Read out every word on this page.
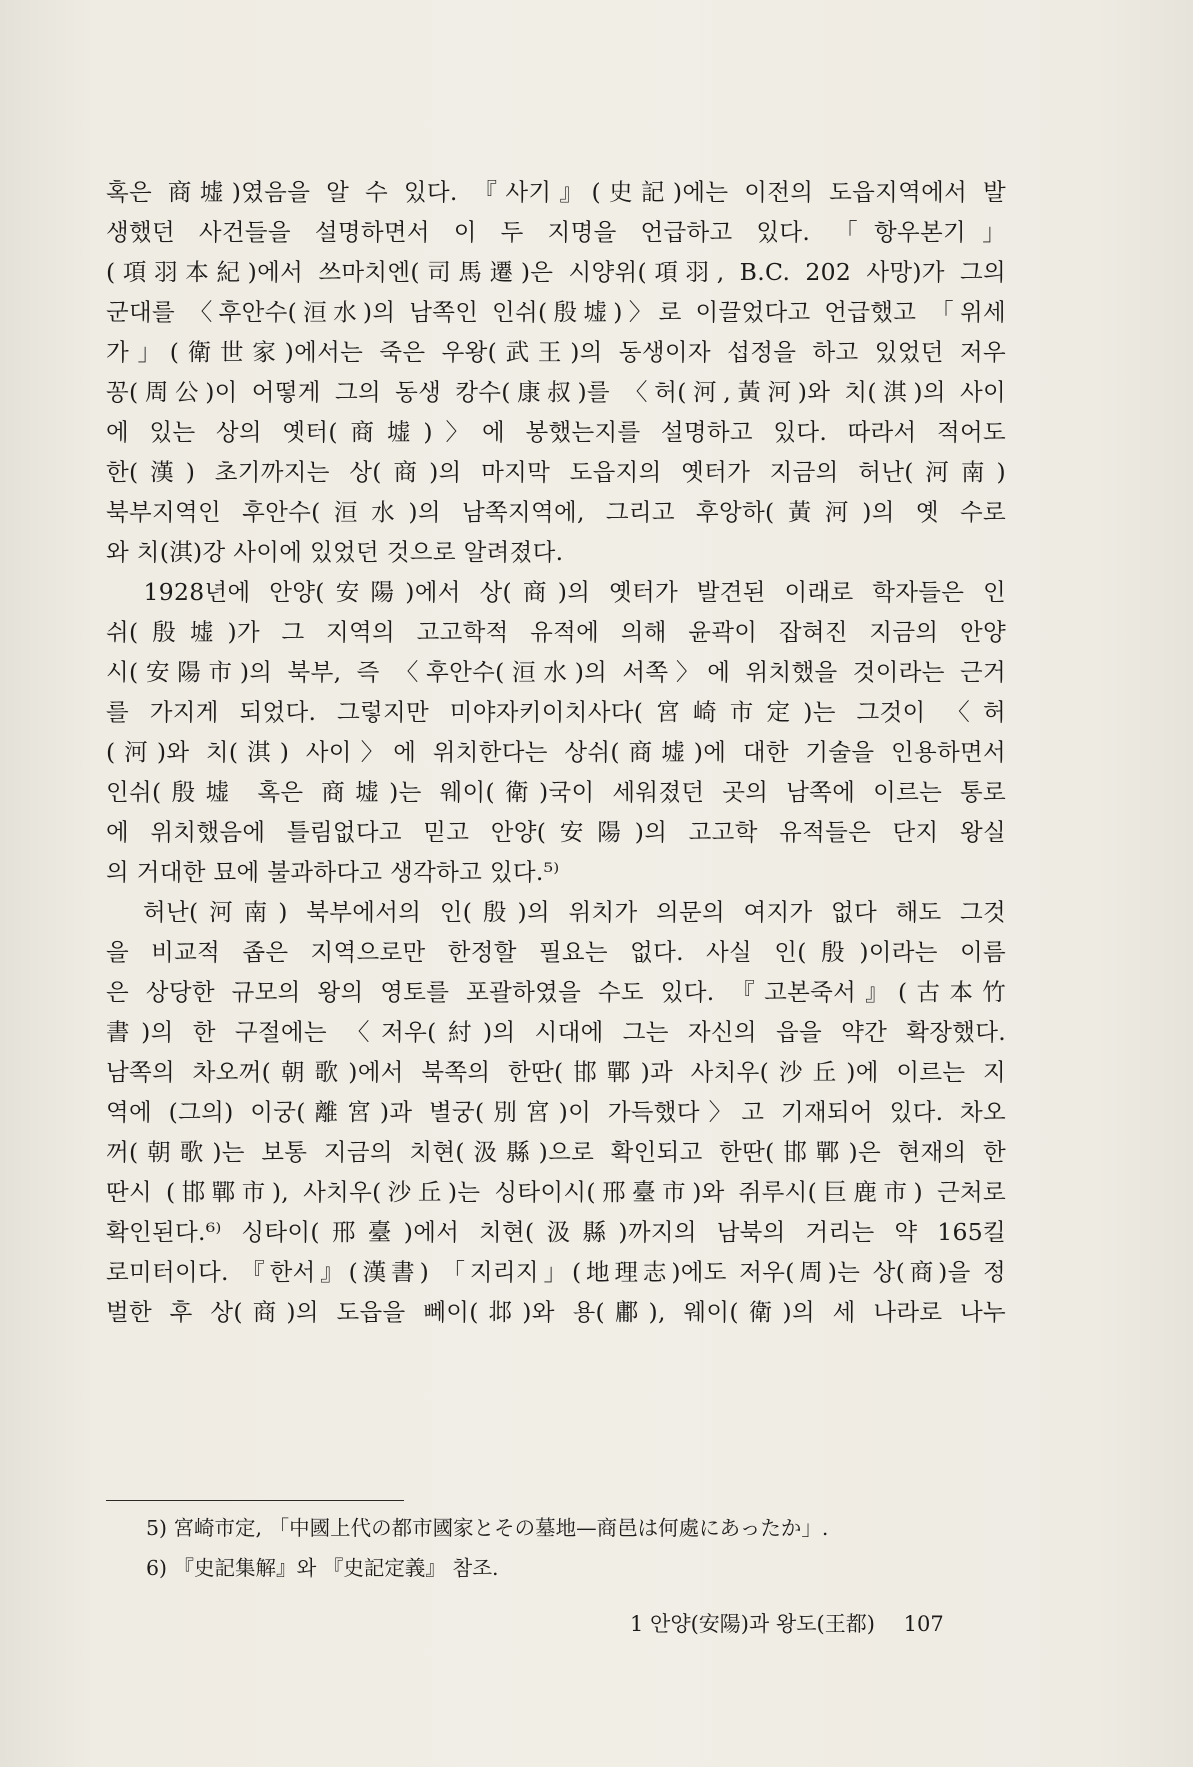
혹은 商墟)였음을 알 수 있다. 『사기』(史記)에는 이전의 도읍지역에서 발
생했던 사건들을 설명하면서 이 두 지명을 언급하고 있다. 「항우본기」
(項羽本紀)에서 쓰마치엔(司馬遷)은 시양위(項羽, B.C. 202 사망)가 그의
군대를 〈후안수(洹水)의 남쪽인 인쉬(殷墟)〉로 이끌었다고 언급했고 「위세
가」(衛世家)에서는 죽은 우왕(武王)의 동생이자 섭정을 하고 있었던 저우
꽁(周公)이 어떻게 그의 동생 캉수(康叔)를 〈허(河,黃河)와 치(淇)의 사이
에 있는 상의 옛터(商墟)〉에 봉했는지를 설명하고 있다. 따라서 적어도
한(漢) 초기까지는 상(商)의 마지막 도읍지의 옛터가 지금의 허난(河南)
북부지역인 후안수(洹水)의 남쪽지역에, 그리고 후앙하(黃河)의 옛 수로
와 치(淇)강 사이에 있었던 것으로 알려졌다.
1928년에 안양(安陽)에서 상(商)의 옛터가 발견된 이래로 학자들은 인
쉬(殷墟)가 그 지역의 고고학적 유적에 의해 윤곽이 잡혀진 지금의 안양
시(安陽市)의 북부, 즉 〈후안수(洹水)의 서쪽〉에 위치했을 것이라는 근거
를 가지게 되었다. 그렇지만 미야자키이치사다(宮崎市定)는 그것이 〈허
(河)와 치(淇) 사이〉에 위치한다는 상쉬(商墟)에 대한 기술을 인용하면서
인쉬(殷墟 혹은 商墟)는 웨이(衛)국이 세워졌던 곳의 남쪽에 이르는 통로
에 위치했음에 틀림없다고 믿고 안양(安陽)의 고고학 유적들은 단지 왕실
의 거대한 묘에 불과하다고 생각하고 있다.⁵⁾
허난(河南) 북부에서의 인(殷)의 위치가 의문의 여지가 없다 해도 그것
을 비교적 좁은 지역으로만 한정할 필요는 없다. 사실 인(殷)이라는 이름
은 상당한 규모의 왕의 영토를 포괄하였을 수도 있다. 『고본죽서』(古本竹
書)의 한 구절에는 〈저우(紂)의 시대에 그는 자신의 읍을 약간 확장했다.
남쪽의 차오꺼(朝歌)에서 북쪽의 한딴(邯鄲)과 사치우(沙丘)에 이르는 지
역에 (그의) 이궁(離宮)과 별궁(別宮)이 가득했다〉고 기재되어 있다. 차오
꺼(朝歌)는 보통 지금의 치현(汲縣)으로 확인되고 한딴(邯鄲)은 현재의 한
딴시 (邯鄲市), 사치우(沙丘)는 싱타이시(邢臺市)와 쥐루시(巨鹿市) 근처로
확인된다.⁶⁾ 싱타이(邢臺)에서 치현(汲縣)까지의 남북의 거리는 약 165킬
로미터이다. 『한서』(漢書) 「지리지」(地理志)에도 저우(周)는 상(商)을 정
벌한 후 상(商)의 도읍을 뻬이(邶)와 용(鄘), 웨이(衛)의 세 나라로 나누
5) 宮崎市定, 「中國上代の都市國家とその墓地—商邑は何處にあったか」.
6) 『史記集解』와 『史記定義』 참조.
1 안양(安陽)과 왕도(王都) 107
